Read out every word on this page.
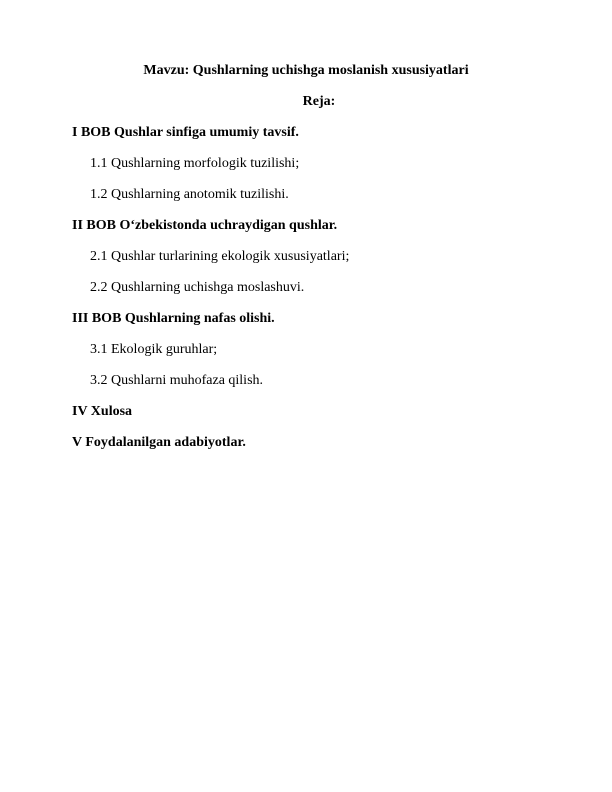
Mavzu: Qushlarning uchishga moslanish xususiyatlari
Reja:
I BOB Qushlar sinfiga umumiy tavsif.
1.1 Qushlarning morfologik tuzilishi;
1.2 Qushlarning anotomik tuzilishi.
II BOB O‘zbekistonda uchraydigan qushlar.
2.1 Qushlar turlarining ekologik xususiyatlari;
2.2 Qushlarning uchishga moslashuvi.
III BOB Qushlarning nafas olishi.
3.1 Ekologik guruhlar;
3.2 Qushlarni muhofaza qilish.
IV Xulosa
V Foydalanilgan adabiyotlar.
